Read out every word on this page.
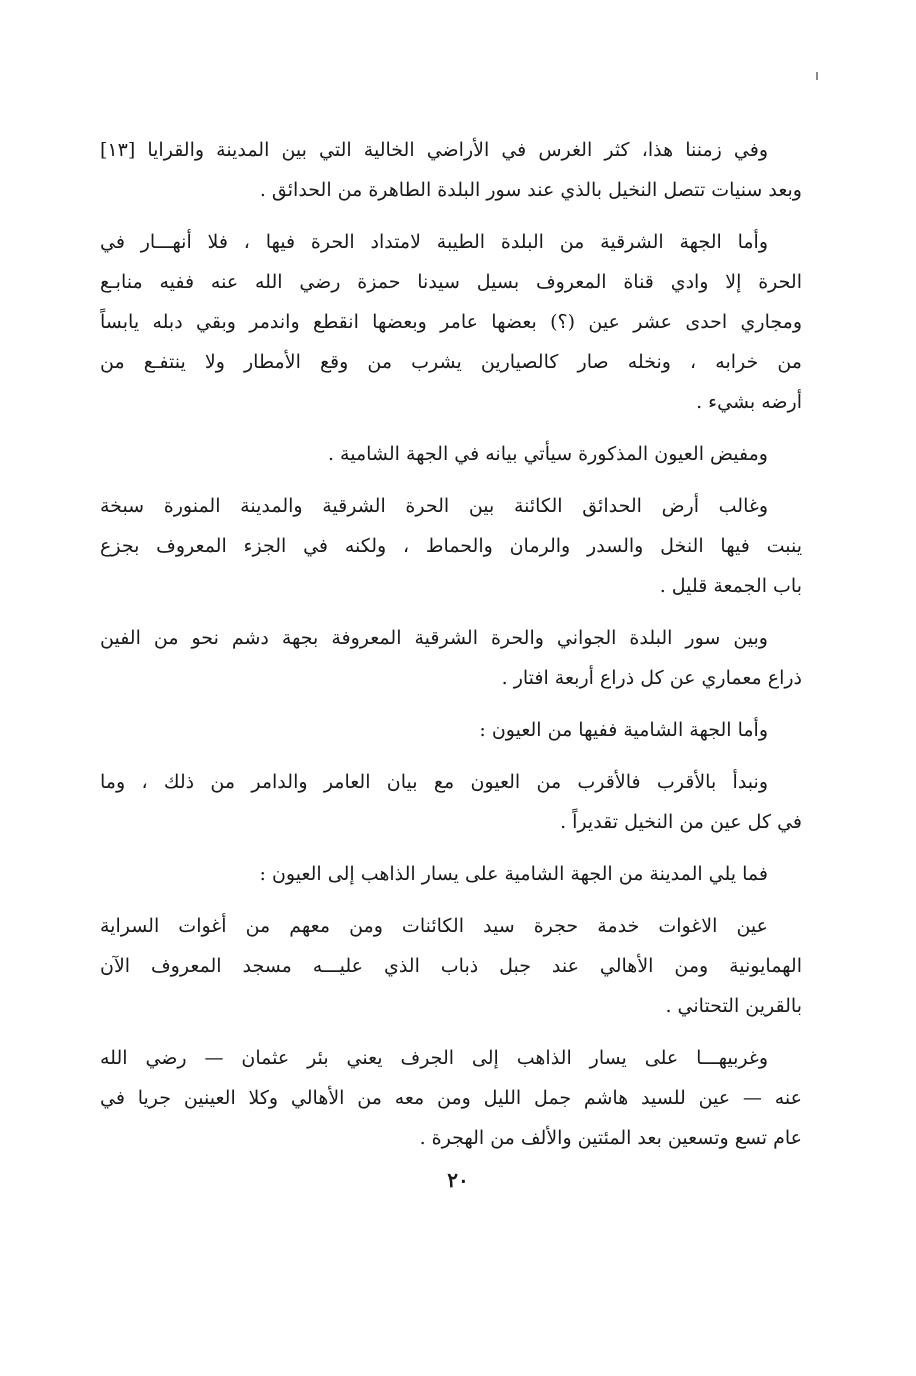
وفي زمننا هذا، كثر الغرس في الأراضي الخالية التي بين المدينة والقرايا [١٣]
وبعد سنيات تتصل النخيل بالذي عند سور البلدة الطاهرة من الحدائق .

وأما الجهة الشرقية من البلدة الطيبة لامتداد الحرة فيها ، فلا أنهـــار في
الحرة إلا وادي قناة المعروف بسيل سيدنا حمزة رضي الله عنه ففيه منابـع
ومجاري احدى عشر عين (؟) بعضها عامر وبعضها انقطع واندمر وبقي دبله يابساً
من خرابه ، ونخله صار كالصيارين يشرب من وقع الأمطار ولا ينتفـع من
أرضه بشيء .

ومفيض العيون المذكورة سيأتي بيانه في الجهة الشامية .

وغالب أرض الحدائق الكائنة بين الحرة الشرقية والمدينة المنورة سبخة
ينبت فيها النخل والسدر والرمان والحماط ، ولكنه في الجزء المعروف بجزع
باب الجمعة قليل .

وبين سور البلدة الجواني والحرة الشرقية المعروفة بجهة دشم نحو من الفين
ذراع معماري عن كل ذراع أربعة افتار .

وأما الجهة الشامية ففيها من العيون :

ونبدأ بالأقرب فالأقرب من العيون مع بيان العامر والدامر من ذلك ، وما
في كل عين من النخيل تقديراً .

فما يلي المدينة من الجهة الشامية على يسار الذاهب إلى العيون :

عين الاغوات خدمة حجرة سيد الكائنات ومن معهم من أغوات السراية
الهمايونية ومن الأهالي عند جبل ذباب الذي عليـــه مسجد المعروف الآن
بالقرين التحتاني .

وغربيهـــا على يسار الذاهب إلى الجرف يعني بئر عثمان — رضي الله
عنه — عين للسيد هاشم جمل الليل ومن معه من الأهالي وكلا العينين جريا في
عام تسع وتسعين بعد المئتين والألف من الهجرة .

٢٠
